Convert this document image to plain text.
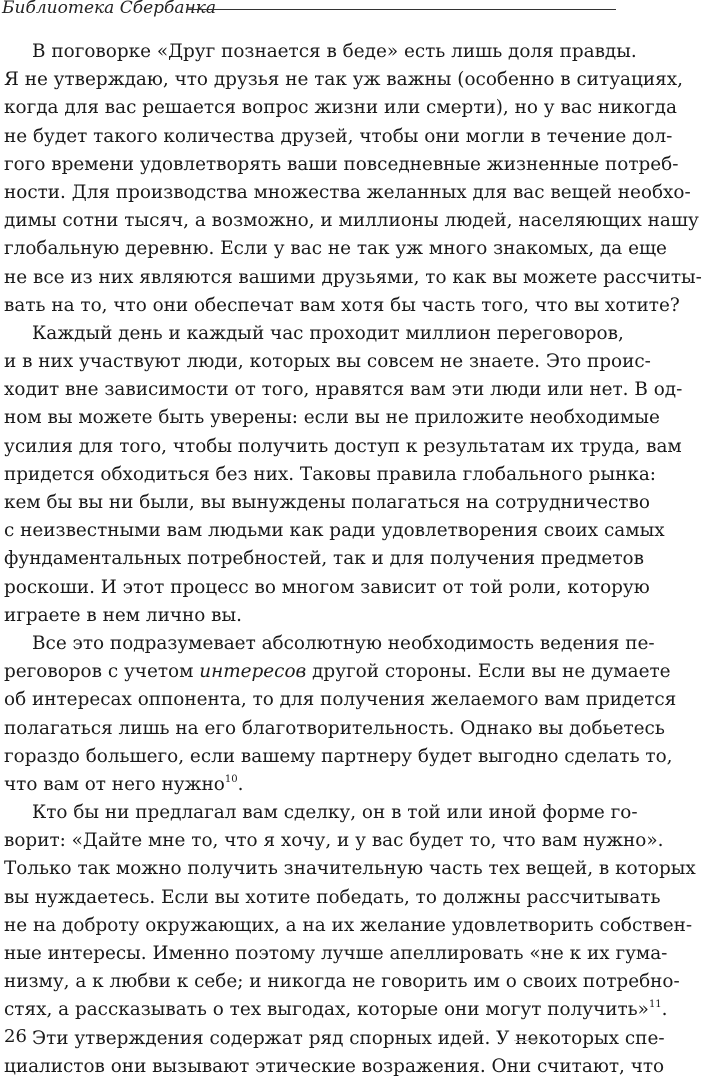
Библиотека Сбербанка
В поговорке «Друг познается в беде» есть лишь доля правды.
Я не утверждаю, что друзья не так уж важны (особенно в ситуациях,
когда для вас решается вопрос жизни или смерти), но у вас никогда
не будет такого количества друзей, чтобы они могли в течение дол-
гого времени удовлетворять ваши повседневные жизненные потреб-
ности. Для производства множества желанных для вас вещей необхо-
димы сотни тысяч, а возможно, и миллионы людей, населяющих нашу
глобальную деревню. Если у вас не так уж много знакомых, да еще
не все из них являются вашими друзьями, то как вы можете рассчиты-
вать на то, что они обеспечат вам хотя бы часть того, что вы хотите?
Каждый день и каждый час проходит миллион переговоров,
и в них участвуют люди, которых вы совсем не знаете. Это проис-
ходит вне зависимости от того, нравятся вам эти люди или нет. В од-
ном вы можете быть уверены: если вы не приложите необходимые
усилия для того, чтобы получить доступ к результатам их труда, вам
придется обходиться без них. Таковы правила глобального рынка:
кем бы вы ни были, вы вынуждены полагаться на сотрудничество
с неизвестными вам людьми как ради удовлетворения своих самых
фундаментальных потребностей, так и для получения предметов
роскоши. И этот процесс во многом зависит от той роли, которую
играете в нем лично вы.
Все это подразумевает абсолютную необходимость ведения пе-
реговоров с учетом интересов другой стороны. Если вы не думаете
об интересах оппонента, то для получения желаемого вам придется
полагаться лишь на его благотворительность. Однако вы добьетесь
гораздо большего, если вашему партнеру будет выгодно сделать то,
что вам от него нужно$^{10}$.
Кто бы ни предлагал вам сделку, он в той или иной форме го-
ворит: «Дайте мне то, что я хочу, и у вас будет то, что вам нужно».
Только так можно получить значительную часть тех вещей, в которых
вы нуждаетесь. Если вы хотите победать, то должны рассчитывать
не на доброту окружающих, а на их желание удовлетворить собствен-
ные интересы. Именно поэтому лучше апеллировать «не к их гума-
низму, а к любви к себе; и никогда не говорить им о своих потребно-
стях, а рассказывать о тех выгодах, которые они могут получить»$^{11}$.
Эти утверждения содержат ряд спорных идей. У некоторых спе-
циалистов они вызывают этические возражения. Они считают, что
26
